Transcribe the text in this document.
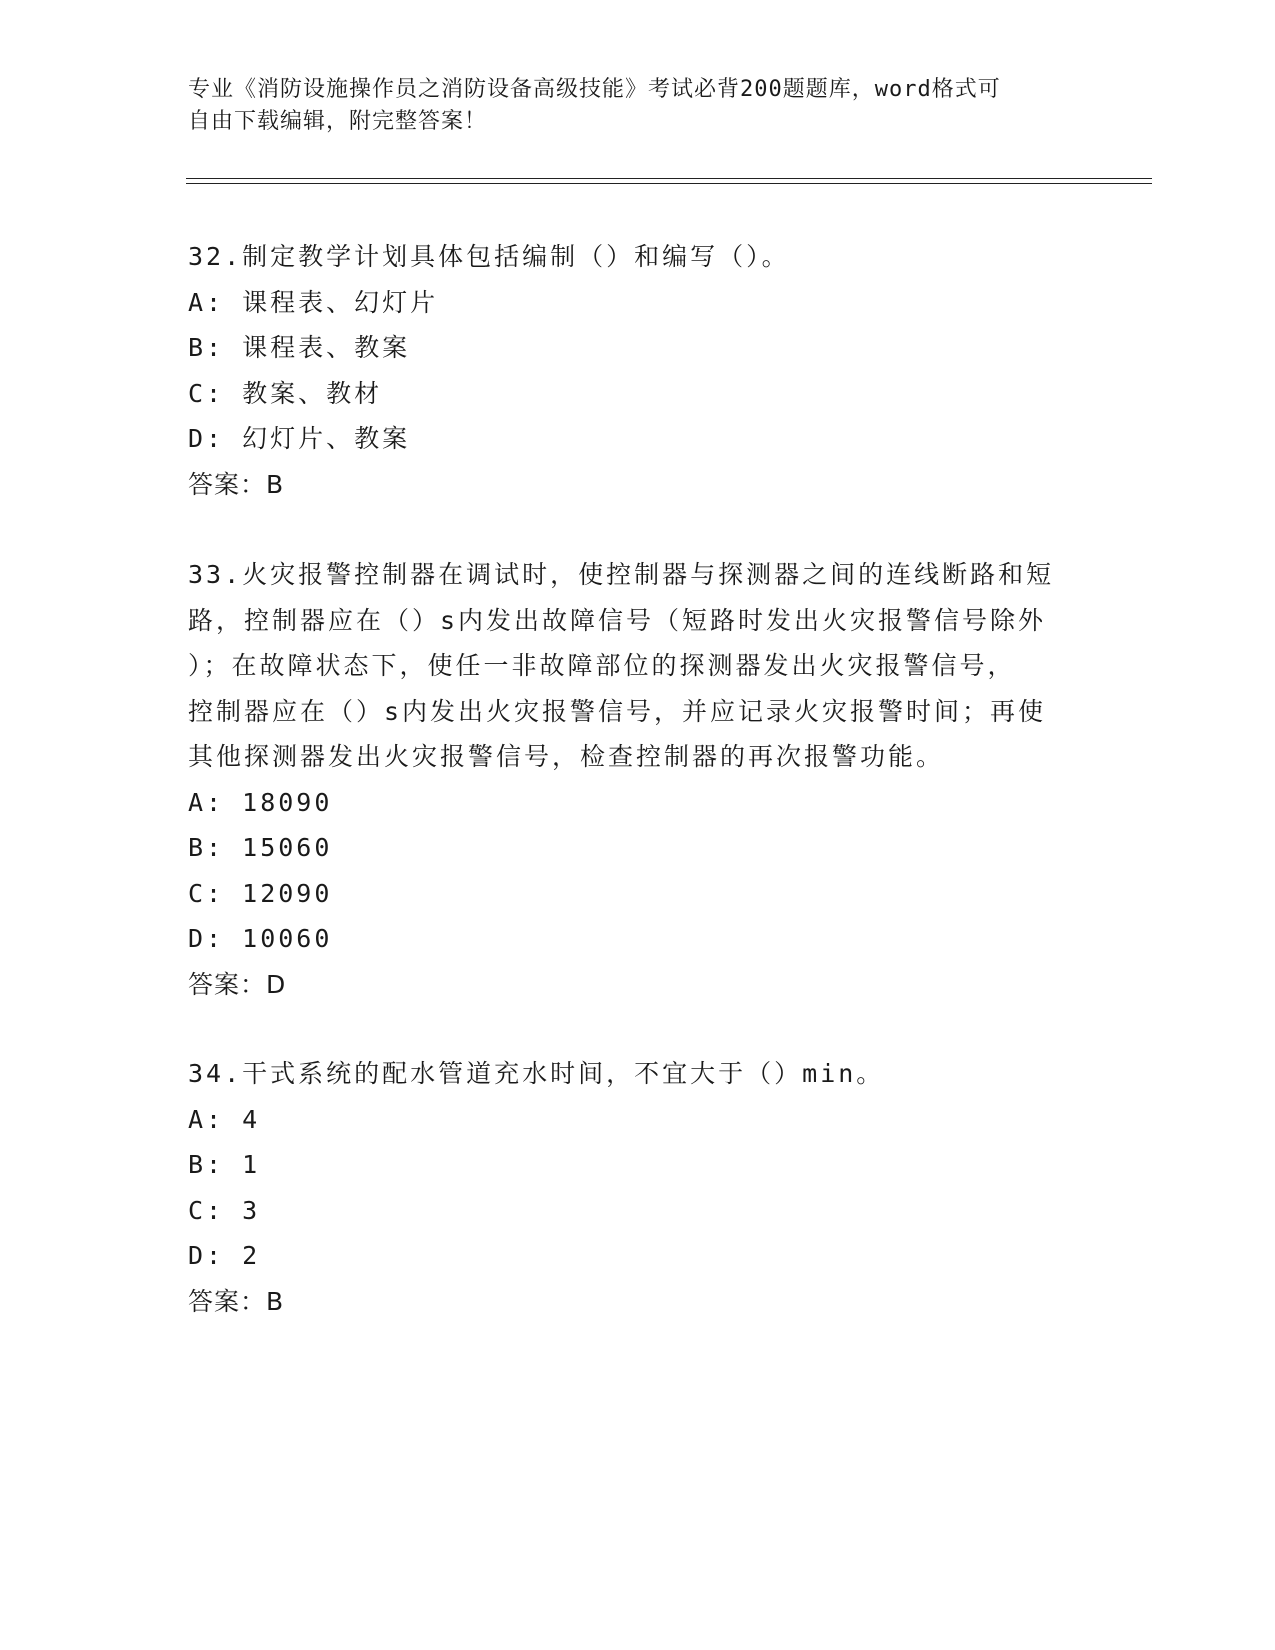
专业《消防设施操作员之消防设备高级技能》考试必背200题题库，word格式可
自由下载编辑，附完整答案！
32.制定教学计划具体包括编制（）和编写（）。
A: 课程表、幻灯片
B: 课程表、教案
C: 教案、教材
D: 幻灯片、教案
答案：B
33.火灾报警控制器在调试时，使控制器与探测器之间的连线断路和短
路，控制器应在（）s内发出故障信号（短路时发出火灾报警信号除外
）；在故障状态下，使任一非故障部位的探测器发出火灾报警信号，
控制器应在（）s内发出火灾报警信号，并应记录火灾报警时间；再使
其他探测器发出火灾报警信号，检查控制器的再次报警功能。
A: 18090
B: 15060
C: 12090
D: 10060
答案：D
34.干式系统的配水管道充水时间，不宜大于（）min。
A: 4
B: 1
C: 3
D: 2
答案：B
